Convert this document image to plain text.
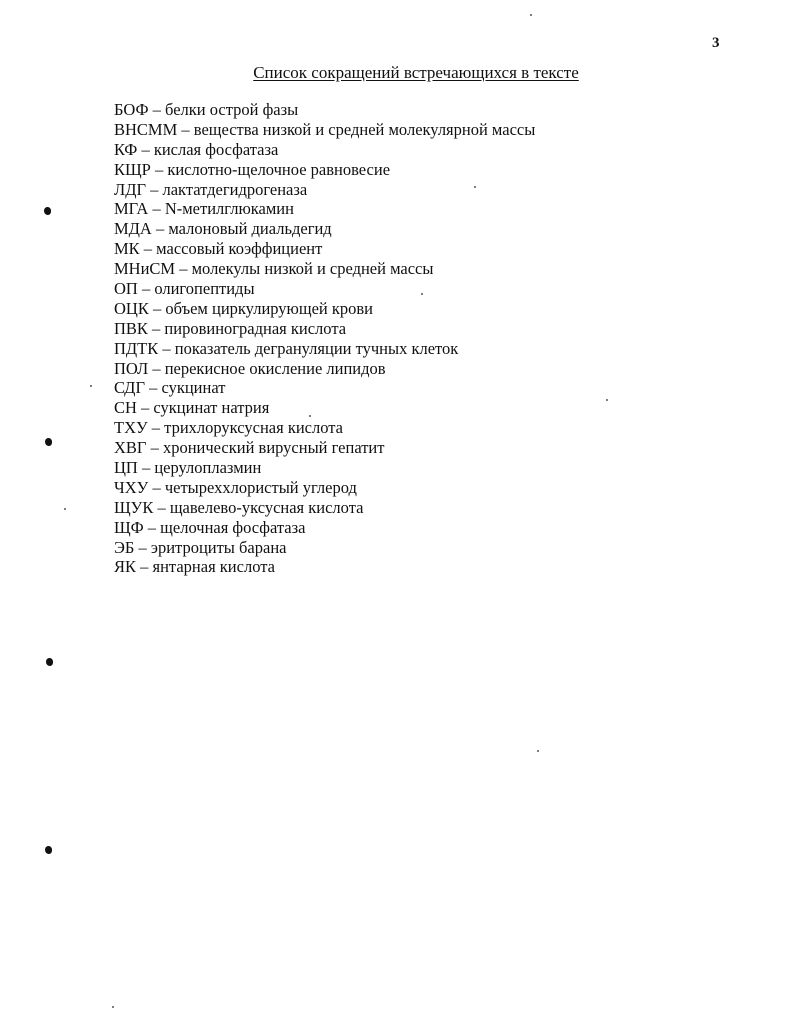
3
Список сокращений встречающихся в тексте
БОФ – белки острой фазы
ВНСММ – вещества низкой и средней молекулярной массы
КФ – кислая фосфатаза
КЩР – кислотно-щелочное равновесие
ЛДГ – лактатдегидрогеназа
МГА – N-метилглюкамин
МДА – малоновый диальдегид
МК – массовый коэффициент
МНиСМ – молекулы низкой и средней массы
ОП – олигопептиды
ОЦК – объем циркулирующей крови
ПВК – пировиноградная кислота
ПДТК – показатель дегрануляции тучных клеток
ПОЛ – перекисное окисление липидов
СДГ – сукцинат
СН – сукцинат натрия
ТХУ – трихлоруксусная кислота
ХВГ – хронический вирусный гепатит
ЦП – церулоплазмин
ЧХУ – четыреххлористый углерод
ЩУК – щавелево-уксусная кислота
ЩФ – щелочная фосфатаза
ЭБ – эритроциты барана
ЯК – янтарная кислота
